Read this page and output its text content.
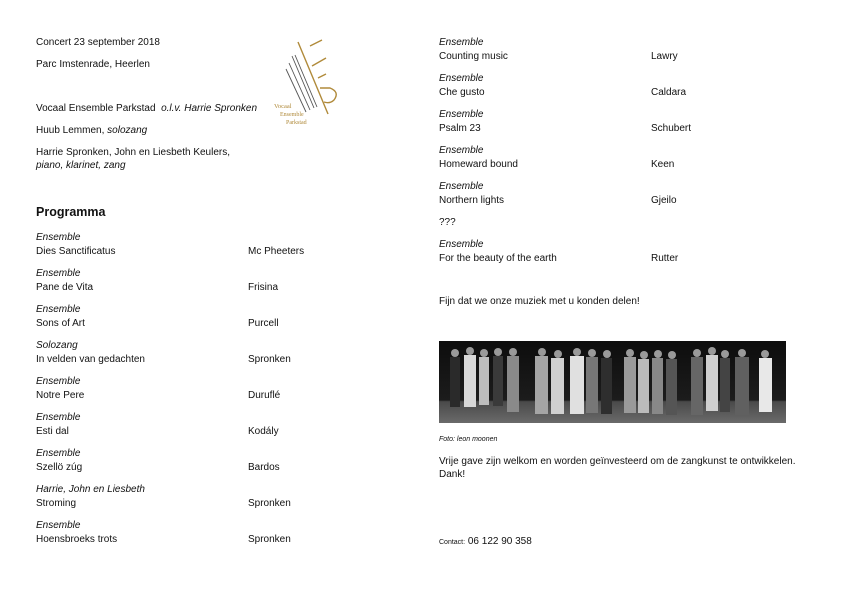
Concert 23 september 2018
Parc Imstenrade, Heerlen
Vocaal Ensemble Parkstad o.l.v. Harrie Spronken
Huub Lemmen, solozang
Harrie Spronken, John en Liesbeth Keulers,
piano, klarinet, zang
Vocaal
Ensemble
Parkstad
Programma
Ensemble
Dies Sanctificatus	Mc Pheeters
Ensemble
Pane de Vita	Frisina
Ensemble
Sons of Art	Purcell
Solozang
In velden van gedachten	Spronken
Ensemble
Notre Pere	Duruflé
Ensemble
Esti dal	Kodály
Ensemble
Szellö zúg	Bardos
Harrie, John en Liesbeth
Stroming	Spronken
Ensemble
Hoensbroeks trots	Spronken
Ensemble
Counting music	Lawry
Ensemble
Che gusto	Caldara
Ensemble
Psalm 23	Schubert
Ensemble
Homeward bound	Keen
Ensemble
Northern lights	Gjeilo
???
Ensemble
For the beauty of the earth	Rutter
Fijn dat we onze muziek met u konden delen!
Foto: leon moonen
Vrije gave zijn welkom en worden geïnvesteerd om de zangkunst te ontwikkelen.
Dank!
Contact: 06 122 90 358
